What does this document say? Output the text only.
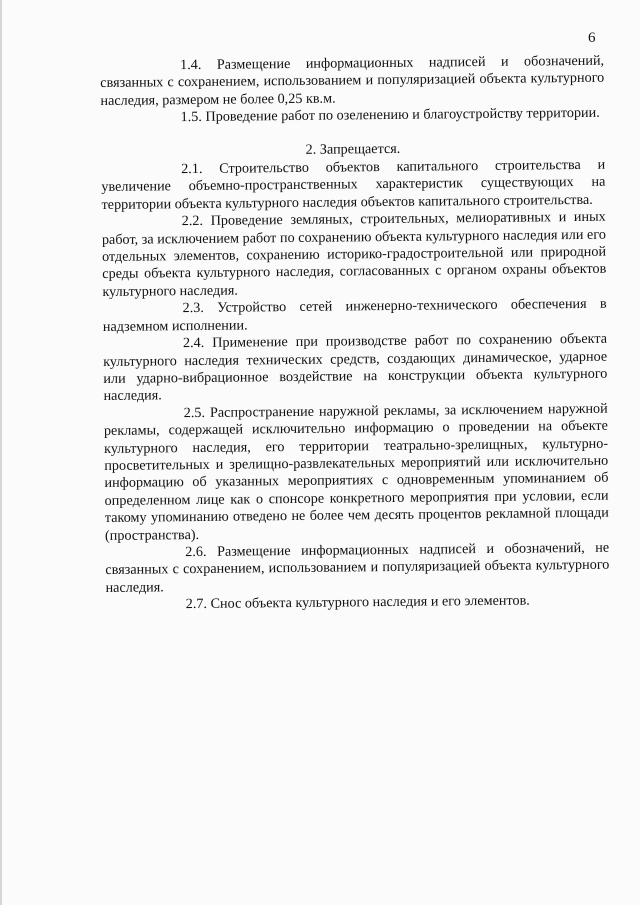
6

1.4. Размещение информационных надписей и обозначений, связанных с сохранением, использованием и популяризацией объекта культурного наследия, размером не более 0,25 кв.м.

1.5. Проведение работ по озеленению и благоустройству территории.

2. Запрещается.

2.1. Строительство объектов капитального строительства и увеличение объемно-пространственных характеристик существующих на территории объекта культурного наследия объектов капитального строительства.

2.2. Проведение земляных, строительных, мелиоративных и иных работ, за исключением работ по сохранению объекта культурного наследия или его отдельных элементов, сохранению историко-градостроительной или природной среды объекта культурного наследия, согласованных с органом охраны объектов культурного наследия.

2.3. Устройство сетей инженерно-технического обеспечения в надземном исполнении.

2.4. Применение при производстве работ по сохранению объекта культурного наследия технических средств, создающих динамическое, ударное или ударно-вибрационное воздействие на конструкции объекта культурного наследия.

2.5. Распространение наружной рекламы, за исключением наружной рекламы, содержащей исключительно информацию о проведении на объекте культурного наследия, его территории театрально-зрелищных, культурно-просветительных и зрелищно-развлекательных мероприятий или исключительно информацию об указанных мероприятиях с одновременным упоминанием об определенном лице как о спонсоре конкретного мероприятия при условии, если такому упоминанию отведено не более чем десять процентов рекламной площади (пространства).

2.6. Размещение информационных надписей и обозначений, не связанных с сохранением, использованием и популяризацией объекта культурного наследия.

2.7. Снос объекта культурного наследия и его элементов.
